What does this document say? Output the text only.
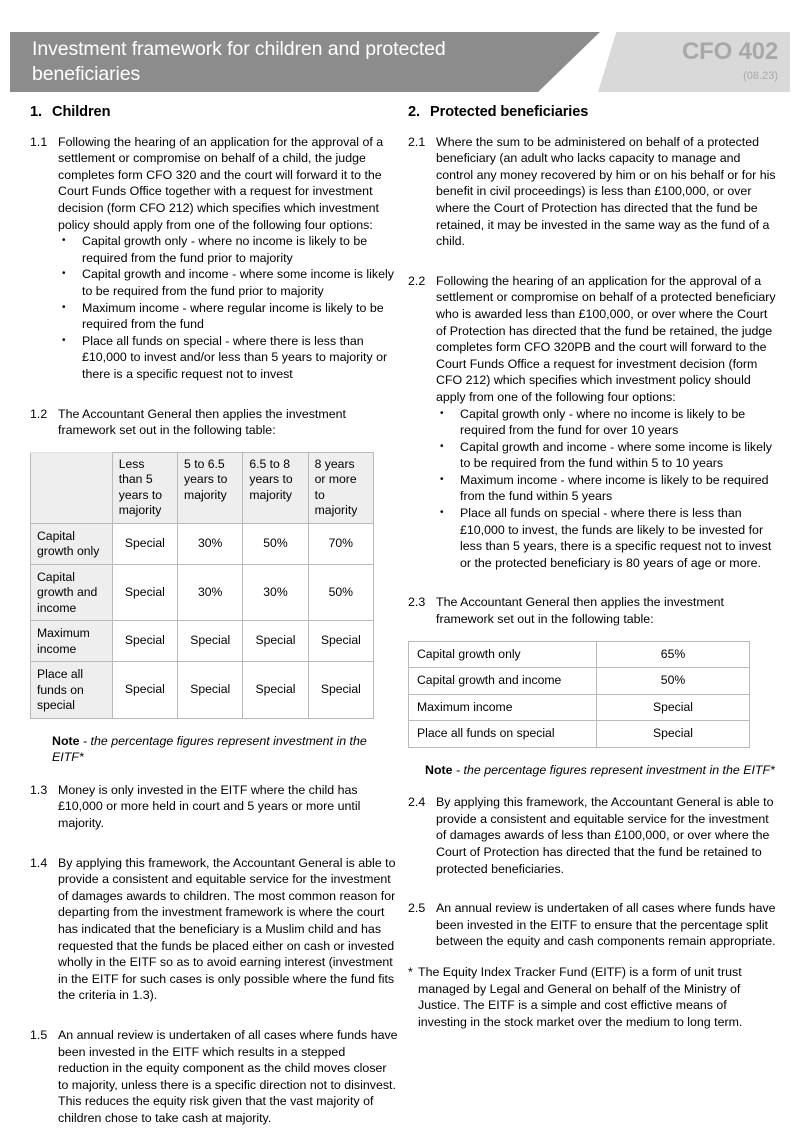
Investment framework for children and protected beneficiaries
CFO 402
(08.23)
1. Children
1.1 Following the hearing of an application for the approval of a settlement or compromise on behalf of a child, the judge completes form CFO 320 and the court will forward it to the Court Funds Office together with a request for investment decision (form CFO 212) which specifies which investment policy should apply from one of the following four options:
• Capital growth only - where no income is likely to be required from the fund prior to majority
• Capital growth and income - where some income is likely to be required from the fund prior to majority
• Maximum income - where regular income is likely to be required from the fund
• Place all funds on special - where there is less than £10,000 to invest and/or less than 5 years to majority or there is a specific request not to invest
1.2 The Accountant General then applies the investment framework set out in the following table:
	Less than 5 years to majority	5 to 6.5 years to majority	6.5 to 8 years to majority	8 years or more to majority
Capital growth only	Special	30%	50%	70%
Capital growth and income	Special	30%	30%	50%
Maximum income	Special	Special	Special	Special
Place all funds on special	Special	Special	Special	Special
Note - the percentage figures represent investment in the EITF*
1.3 Money is only invested in the EITF where the child has £10,000 or more held in court and 5 years or more until majority.
1.4 By applying this framework, the Accountant General is able to provide a consistent and equitable service for the investment of damages awards to children. The most common reason for departing from the investment framework is where the court has indicated that the beneficiary is a Muslim child and has requested that the funds be placed either on cash or invested wholly in the EITF so as to avoid earning interest (investment in the EITF for such cases is only possible where the fund fits the criteria in 1.3).
1.5 An annual review is undertaken of all cases where funds have been invested in the EITF which results in a stepped reduction in the equity component as the child moves closer to majority, unless there is a specific direction not to disinvest. This reduces the equity risk given that the vast majority of children chose to take cash at majority.
2. Protected beneficiaries
2.1 Where the sum to be administered on behalf of a protected beneficiary (an adult who lacks capacity to manage and control any money recovered by him or on his behalf or for his benefit in civil proceedings) is less than £100,000, or over where the Court of Protection has directed that the fund be retained, it may be invested in the same way as the fund of a child.
2.2 Following the hearing of an application for the approval of a settlement or compromise on behalf of a protected beneficiary who is awarded less than £100,000, or over where the Court of Protection has directed that the fund be retained, the judge completes form CFO 320PB and the court will forward to the Court Funds Office a request for investment decision (form CFO 212) which specifies which investment policy should apply from one of the following four options:
• Capital growth only - where no income is likely to be required from the fund for over 10 years
• Capital growth and income - where some income is likely to be required from the fund within 5 to 10 years
• Maximum income - where income is likely to be required from the fund within 5 years
• Place all funds on special - where there is less than £10,000 to invest, the funds are likely to be invested for less than 5 years, there is a specific request not to invest or the protected beneficiary is 80 years of age or more.
2.3 The Accountant General then applies the investment framework set out in the following table:
Capital growth only	65%
Capital growth and income	50%
Maximum income	Special
Place all funds on special	Special
Note - the percentage figures represent investment in the EITF*
2.4 By applying this framework, the Accountant General is able to provide a consistent and equitable service for the investment of damages awards of less than £100,000, or over where the Court of Protection has directed that the fund be retained to protected beneficiaries.
2.5 An annual review is undertaken of all cases where funds have been invested in the EITF to ensure that the percentage split between the equity and cash components remain appropriate.
* The Equity Index Tracker Fund (EITF) is a form of unit trust managed by Legal and General on behalf of the Ministry of Justice. The EITF is a simple and cost effictive means of investing in the stock market over the medium to long term.
